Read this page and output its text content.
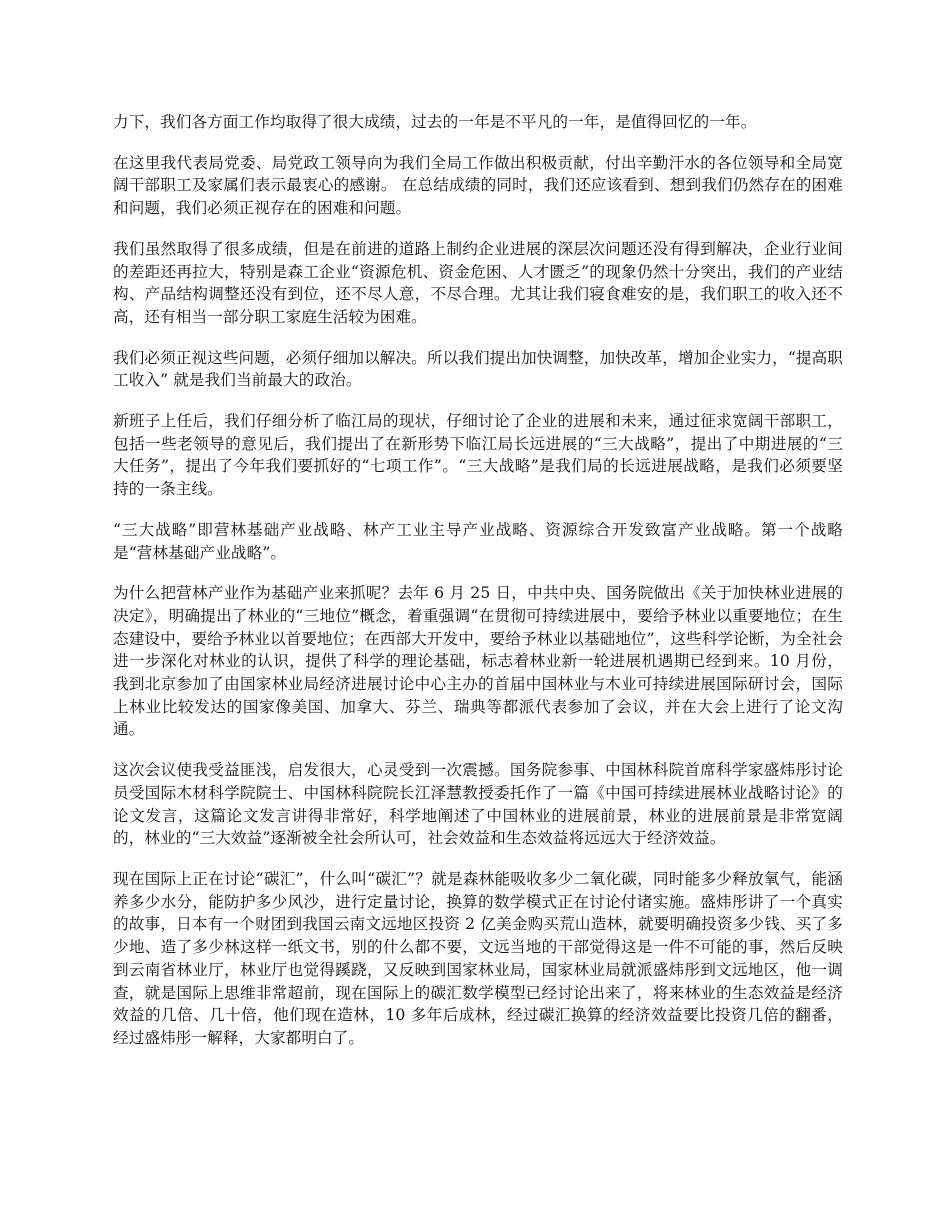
力下，我们各方面工作均取得了很大成绩，过去的一年是不平凡的一年，是值得回忆的一年。

在这里我代表局党委、局党政工领导向为我们全局工作做出积极贡献，付出辛勤汗水的各位领导和全局宽阔干部职工及家属们表示最衷心的感谢。 在总结成绩的同时，我们还应该看到、想到我们仍然存在的困难和问题，我们必须正视存在的困难和问题。

我们虽然取得了很多成绩，但是在前进的道路上制约企业进展的深层次问题还没有得到解决，企业行业间的差距还再拉大，特别是森工企业“资源危机、资金危困、人才匮乏”的现象仍然十分突出，我们的产业结构、产品结构调整还没有到位，还不尽人意，不尽合理。尤其让我们寝食难安的是，我们职工的收入还不高，还有相当一部分职工家庭生活较为困难。

我们必须正视这些问题，必须仔细加以解决。所以我们提出加快调整，加快改革，增加企业实力，“提高职工收入” 就是我们当前最大的政治。

新班子上任后，我们仔细分析了临江局的现状，仔细讨论了企业的进展和未来，通过征求宽阔干部职工，包括一些老领导的意见后，我们提出了在新形势下临江局长远进展的“三大战略”，提出了中期进展的“三大任务”，提出了今年我们要抓好的“七项工作”。“三大战略”是我们局的长远进展战略，是我们必须要坚持的一条主线。

“三大战略”即营林基础产业战略、林产工业主导产业战略、资源综合开发致富产业战略。第一个战略是“营林基础产业战略”。

为什么把营林产业作为基础产业来抓呢？去年 6 月 25 日，中共中央、国务院做出《关于加快林业进展的决定》，明确提出了林业的“三地位”概念，着重强调“在贯彻可持续进展中，要给予林业以重要地位；在生态建设中，要给予林业以首要地位；在西部大开发中，要给予林业以基础地位”，这些科学论断，为全社会进一步深化对林业的认识，提供了科学的理论基础，标志着林业新一轮进展机遇期已经到来。10 月份，我到北京参加了由国家林业局经济进展讨论中心主办的首届中国林业与木业可持续进展国际研讨会，国际上林业比较发达的国家像美国、加拿大、芬兰、瑞典等都派代表参加了会议，并在大会上进行了论文沟通。

这次会议使我受益匪浅，启发很大，心灵受到一次震撼。国务院参事、中国林科院首席科学家盛炜彤讨论员受国际木材科学院院士、中国林科院院长江泽慧教授委托作了一篇《中国可持续进展林业战略讨论》的论文发言，这篇论文发言讲得非常好，科学地阐述了中国林业的进展前景，林业的进展前景是非常宽阔的，林业的“三大效益”逐渐被全社会所认可，社会效益和生态效益将远远大于经济效益。

现在国际上正在讨论“碳汇”，什么叫“碳汇”？就是森林能吸收多少二氧化碳，同时能多少释放氧气，能涵养多少水分，能防护多少风沙，进行定量讨论，换算的数学模式正在讨论付诸实施。盛炜彤讲了一个真实的故事，日本有一个财团到我国云南文远地区投资 2 亿美金购买荒山造林，就要明确投资多少钱、买了多少地、造了多少林这样一纸文书，别的什么都不要，文远当地的干部觉得这是一件不可能的事，然后反映到云南省林业厅，林业厅也觉得蹊跷，又反映到国家林业局，国家林业局就派盛炜彤到文远地区，他一调查，就是国际上思维非常超前，现在国际上的碳汇数学模型已经讨论出来了，将来林业的生态效益是经济效益的几倍、几十倍，他们现在造林，10 多年后成林，经过碳汇换算的经济效益要比投资几倍的翻番，经过盛炜彤一解释，大家都明白了。
